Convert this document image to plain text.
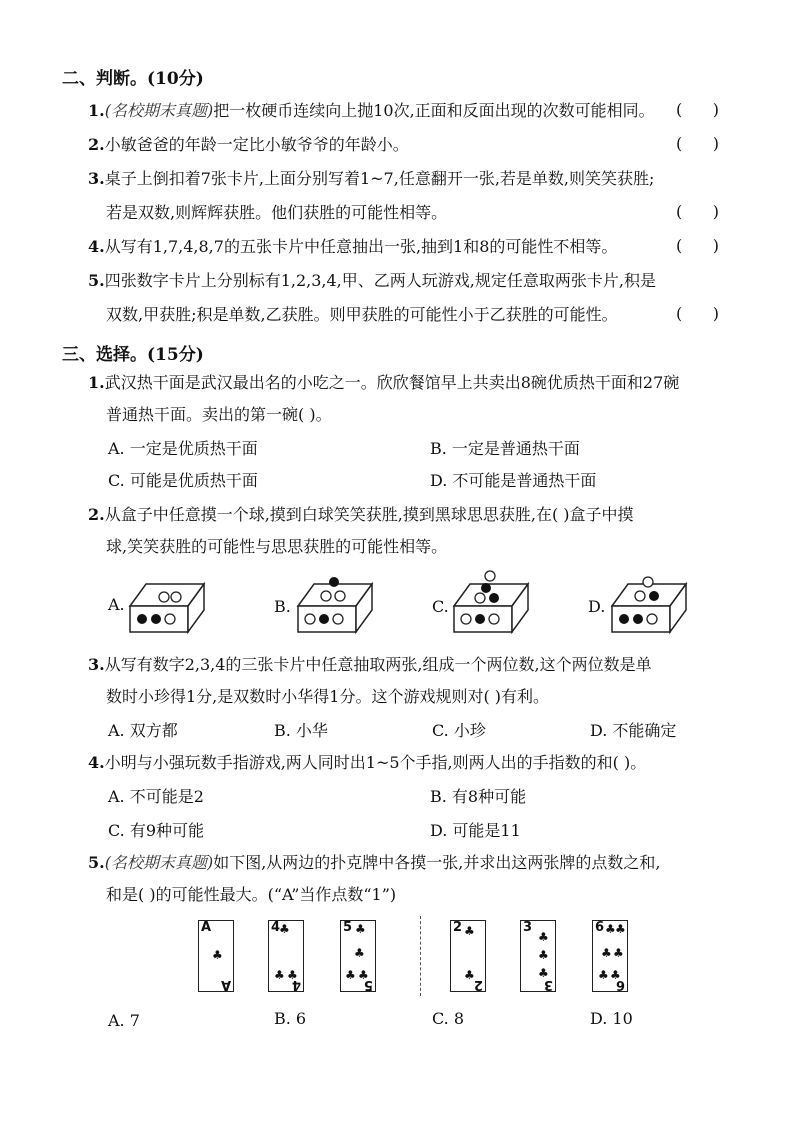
二、判断。(10分)
1.(名校期末真题)把一枚硬币连续向上抛10次,正面和反面出现的次数可能相同。 (      )
2.小敏爸爸的年龄一定比小敏爷爷的年龄小。	(      )
3.桌子上倒扣着7张卡片,上面分别写着1~7,任意翻开一张,若是单数,则笑笑获胜;
若是双数,则辉辉获胜。他们获胜的可能性相等。	(      )
4.从写有1,7,4,8,7的五张卡片中任意抽出一张,抽到1和8的可能性不相等。	(      )
5.四张数字卡片上分别标有1,2,3,4,甲、乙两人玩游戏,规定任意取两张卡片,积是
双数,甲获胜;积是单数,乙获胜。则甲获胜的可能性小于乙获胜的可能性。	(      )
三、选择。(15分)
1.武汉热干面是武汉最出名的小吃之一。欣欣餐馆早上共卖出8碗优质热干面和27碗
普通热干面。卖出的第一碗( )。
A. 一定是优质热干面	B. 一定是普通热干面
C. 可能是优质热干面	D. 不可能是普通热干面
2.从盒子中任意摸一个球,摸到白球笑笑获胜,摸到黑球思思获胜,在( )盒子中摸
球,笑笑获胜的可能性与思思获胜的可能性相等。
A.	B.	C.	D.
3.从写有数字2,3,4的三张卡片中任意抽取两张,组成一个两位数,这个两位数是单
数时小珍得1分,是双数时小华得1分。这个游戏规则对( )有利。
A. 双方都	B. 小华	C. 小珍	D. 不能确定
4.小明与小强玩数手指游戏,两人同时出1~5个手指,则两人出的手指数的和( )。
A. 不可能是2	B. 有8种可能
C. 有9种可能	D. 可能是11
5.(名校期末真题)如下图,从两边的扑克牌中各摸一张,并求出这两张牌的点数之和,
和是( )的可能性最大。(“A”当作点数“1”)
A
♣
A
4
♣
♣ ♣
4
5 ♣
♣
♣ ♣
5
2 ♣
♣
2
3
♣
♣
♣
3
6 ♣ ♣
♣ ♣
♣ ♣
6
A. 7	B. 6	C. 8	D. 10
